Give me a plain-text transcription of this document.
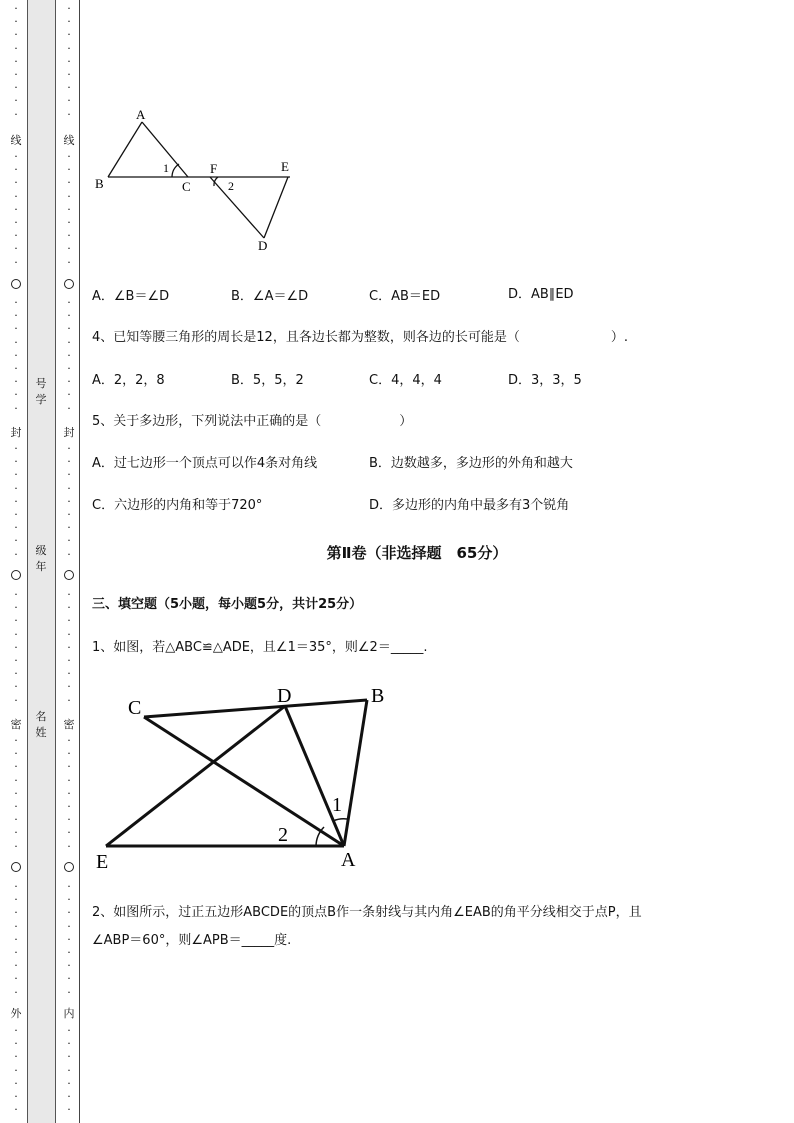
·
·
·
·
·
·
·
·
·
线
·
·
·
·
·
·
·
·
·
·
·
·
·
·
·
·
·
·
封
·
·
·
·
·
·
·
·
·
·
·
·
·
·
·
·
·
·
密
·
·
·
·
·
·
·
·
·
·
·
·
·
·
·
·
·
·
外
·
·
·
·
·
·
·
·
·
·
·
·
·
·
·
·
线
·
·
·
·
·
·
·
·
·
·
·
·
·
·
·
·
·
·
封
·
·
·
·
·
·
·
·
·
·
·
·
·
·
·
·
·
·
密
·
·
·
·
·
·
·
·
·
·
·
·
·
·
·
·
·
·
内
·
·
·
·
·
·
·
号
学
级
年
名
姓
A
B	C
D
E
F
1
2
A．∠B＝∠D	B．∠A＝∠D	C．AB＝ED	D．AB∥ED
4、已知等腰三角形的周长是12，且各边长都为整数，则各边的长可能是（　　　　　　　）.
A．2，2，8	B．5，5，2	C．4，4，4	D．3，3，5
5、关于多边形，下列说法中正确的是（　　　　　　）
A．过七边形一个顶点可以作4条对角线	B．边数越多，多边形的外角和越大
C．六边形的内角和等于720°	D．多边形的内角中最多有3个锐角
第Ⅱ卷（非选择题　65分）
三、填空题（5小题，每小题5分，共计25分）
1、如图，若△ABC≌△ADE，且∠1＝35°，则∠2＝_____.
C
D	B
E	A
1
2
2、如图所示，过正五边形ABCDE的顶点B作一条射线与其内角∠EAB的角平分线相交于点P，且
∠ABP＝60°，则∠APB＝_____度.
